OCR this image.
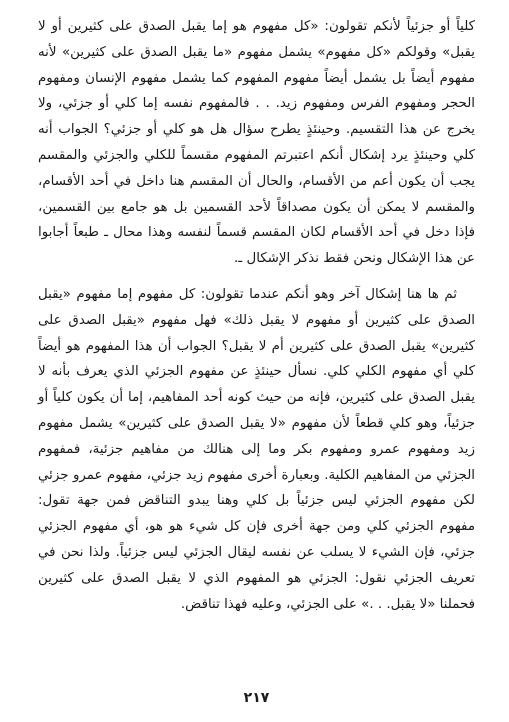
كلياً أو جزئياً لأنكم تقولون: «كل مفهوم هو إما يقبل الصدق على كثيرين أو لا يقبل» وقولكم «كل مفهوم» يشمل مفهوم «ما يقبل الصدق على كثيرين» لأنه مفهوم أيضاً بل يشمل أيضاً مفهوم المفهوم كما يشمل مفهوم الإنسان ومفهوم الحجر ومفهوم الفرس ومفهوم زيد. . . فالمفهوم نفسه إما كلي أو جزئي، ولا يخرج عن هذا التقسيم. وحينئذٍ يطرح سؤال هل هو كلي أو جزئي؟ الجواب أنه كلي وحينئذٍ يرد إشكال أنكم اعتبرتم المفهوم مقسماً للكلي والجزئي والمقسم يجب أن يكون أعم من الأقسام، والحال أن المقسم هنا داخل في أحد الأقسام، والمقسم لا يمكن أن يكون مصداقاً لأحد القسمين بل هو جامع بين القسمين، فإذا دخل في أحد الأقسام لكان المقسم قسماً لنفسه وهذا محال ـ طبعاً أجابوا عن هذا الإشكال ونحن فقط نذكر الإشكال ـ.

ثم ها هنا إشكال آخر وهو أنكم عندما تقولون: كل مفهوم إما مفهوم «يقبل الصدق على كثيرين أو مفهوم لا يقبل ذلك» فهل مفهوم «يقبل الصدق على كثيرين» يقبل الصدق على كثيرين أم لا يقبل؟ الجواب أن هذا المفهوم هو أيضاً كلي أي مفهوم الكلي كلي. نسأل حينئذٍ عن مفهوم الجزئي الذي يعرف بأنه لا يقبل الصدق على كثيرين، فإنه من حيث كونه أحد المفاهيم، إما أن يكون كلياً أو جزئياً، وهو كلي قطعاً لأن مفهوم «لا يقبل الصدق على كثيرين» يشمل مفهوم زيد ومفهوم عمرو ومفهوم بكر وما إلى هنالك من مفاهيم جزئية، فمفهوم الجزئي من المفاهيم الكلية. وبعبارة أخرى مفهوم زيد جزئي، مفهوم عمرو جزئي لكن مفهوم الجزئي ليس جزئياً بل كلي وهنا يبدو التناقض فمن جهة تقول: مفهوم الجزئي كلي ومن جهة أخرى فإن كل شيء هو هو، أي مفهوم الجزئي جزئي، فإن الشيء لا يسلب عن نفسه ليقال الجزئي ليس جزئياً. ولذا نحن في تعريف الجزئي نقول: الجزئي هو المفهوم الذي لا يقبل الصدق على كثيرين فحملنا «لا يقبل. . .» على الجزئي، وعليه فهذا تناقض.

٢١٧
